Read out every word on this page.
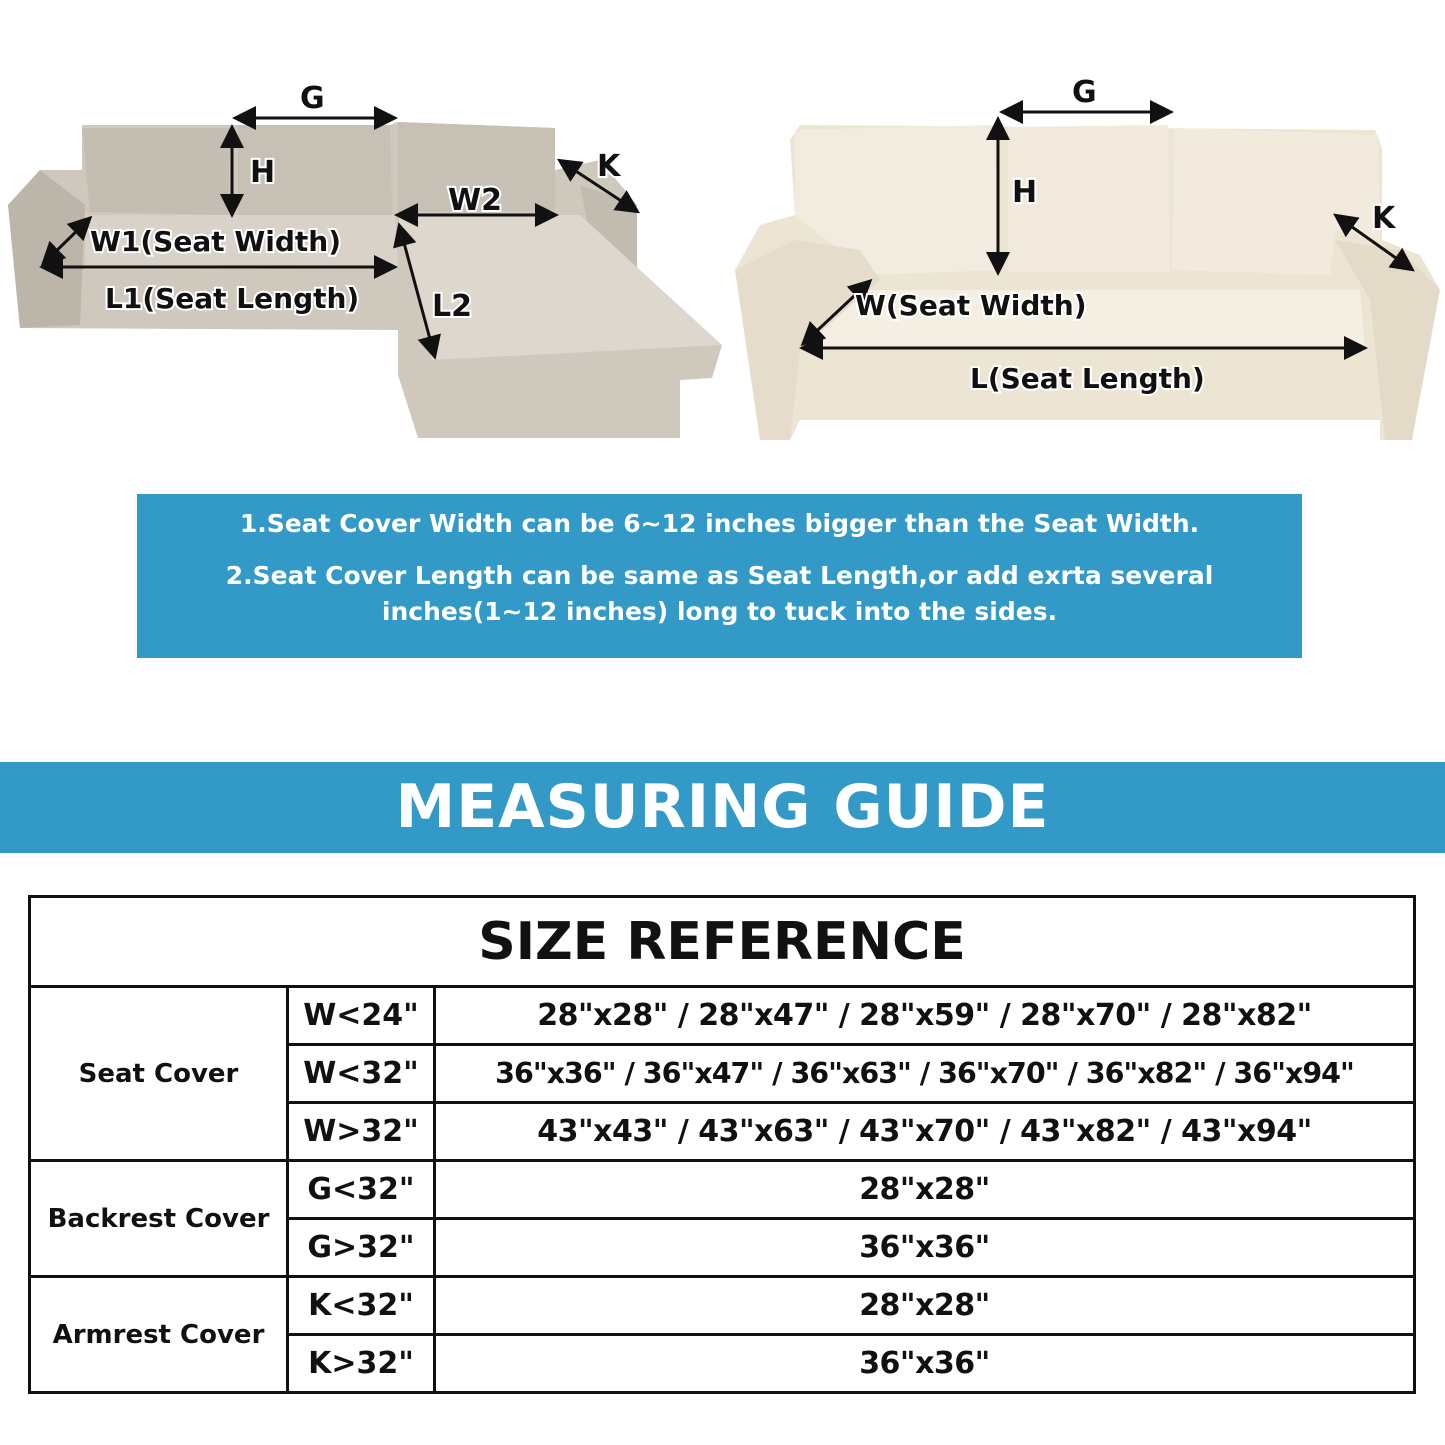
G
H	K
W2
W1(Seat Width)
L1(Seat Length) L2
G
H
K
W(Seat Width)
L(Seat Length)

1.Seat Cover Width can be 6~12 inches bigger than the Seat Width.

2.Seat Cover Length can be same as Seat Length,or add exrta several

inches(1~12 inches) long to tuck into the sides.

MEASURING GUIDE
SIZE REFERENCE		
Seat Cover	W<24"	28"x28" / 28"x47" / 28"x59" / 28"x70" / 28"x82"
	W<32"	36"x36" / 36"x47" / 36"x63" / 36"x70" / 36"x82" / 36"x94"
	W>32"	43"x43" / 43"x63" / 43"x70" / 43"x82" / 43"x94"
Backrest Cover	G<32"	28"x28"
	G>32"	36"x36"
Armrest Cover	K<32"	28"x28"
	K>32"	36"x36"
